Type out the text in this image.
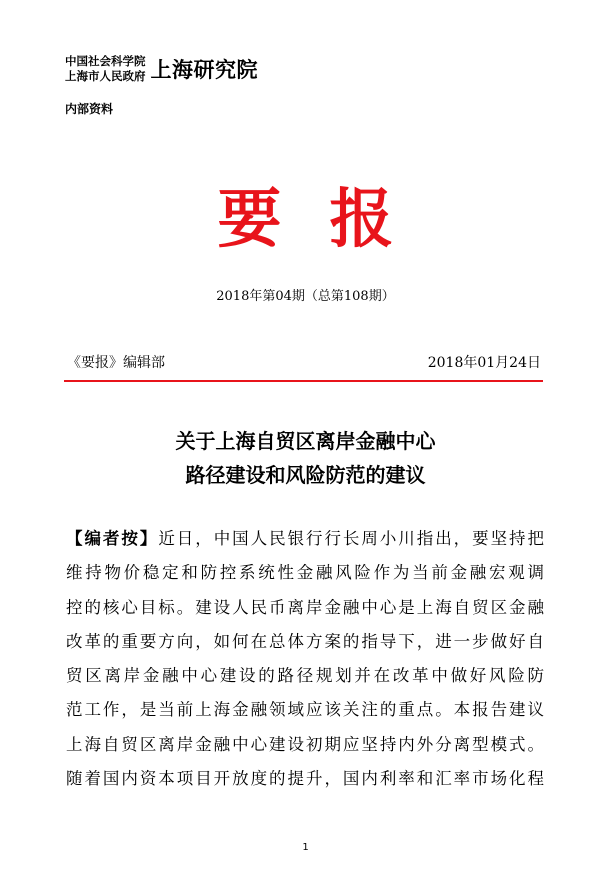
中国社会科学院
上海市人民政府 上海研究院
内部资料
要报
2018年第04期（总第108期）
《要报》编辑部	2018年01月24日
关于上海自贸区离岸金融中心
路径建设和风险防范的建议
【编者按】近日，中国人民银行行长周小川指出，要坚持把
维持物价稳定和防控系统性金融风险作为当前金融宏观调
控的核心目标。建设人民币离岸金融中心是上海自贸区金融
改革的重要方向，如何在总体方案的指导下，进一步做好自
贸区离岸金融中心建设的路径规划并在改革中做好风险防
范工作，是当前上海金融领域应该关注的重点。本报告建议
上海自贸区离岸金融中心建设初期应坚持内外分离型模式。
随着国内资本项目开放度的提升，国内利率和汇率市场化程
1
